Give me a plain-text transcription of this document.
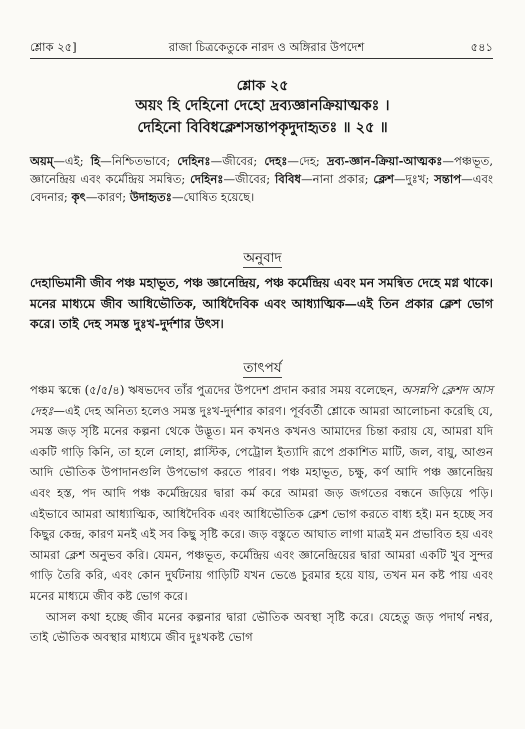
শ্লোক ২৫]	রাজা চিত্রকেতুকে নারদ ও অঙ্গিরার উপদেশ	৫৪১
শ্লোক ২৫
অয়ং হি দেহিনো দেহো দ্রব্যজ্ঞানক্রিয়াত্মকঃ ।
দেহিনো বিবিধক্লেশসন্তাপকৃদুদাহৃতঃ ॥ ২৫ ॥
অয়ম্—এই; হি—নিশ্চিতভাবে; দেহিনঃ—জীবের; দেহঃ—দেহ; দ্রব্য-জ্ঞান-ক্রিয়া-আত্মকঃ—পঞ্চভূত, জ্ঞানেন্দ্রিয় এবং কর্মেন্দ্রিয় সমন্বিত; দেহিনঃ—জীবের; বিবিধ—নানা প্রকার; ক্লেশ—দুঃখ; সন্তাপ—এবং বেদনার; কৃৎ—কারণ; উদাহৃতঃ—ঘোষিত হয়েছে।
অনুবাদ
দেহাভিমানী জীব পঞ্চ মহাভূত, পঞ্চ জ্ঞানেন্দ্রিয়, পঞ্চ কর্মেন্দ্রিয় এবং মন সমন্বিত দেহে মগ্ন থাকে। মনের মাধ্যমে জীব আধিভৌতিক, আধিদৈবিক এবং আধ্যাত্মিক—এই তিন প্রকার ক্লেশ ভোগ করে। তাই দেহ সমস্ত দুঃখ-দুর্দশার উৎস।
তাৎপর্য

পঞ্চম স্কন্ধে (৫/৫/৪) ঋষভদেব তাঁর পুত্রদের উপদেশ প্রদান করার সময় বলেছেন, অসন্নপি ক্লেশদ আস দেহঃ—এই দেহ অনিত্য হলেও সমস্ত দুঃখ-দুর্দশার কারণ। পূর্ববর্তী শ্লোকে আমরা আলোচনা করেছি যে, সমস্ত জড় সৃষ্টি মনের কল্পনা থেকে উদ্ভূত। মন কখনও কখনও আমাদের চিন্তা করায় যে, আমরা যদি একটি গাড়ি কিনি, তা হলে লোহা, প্লাস্টিক, পেট্রোল ইত্যাদি রূপে প্রকাশিত মাটি, জল, বায়ু, আগুন আদি ভৌতিক উপাদানগুলি উপভোগ করতে পারব। পঞ্চ মহাভূত, চক্ষু, কর্ণ আদি পঞ্চ জ্ঞানেন্দ্রিয় এবং হস্ত, পদ আদি পঞ্চ কর্মেন্দ্রিয়ের দ্বারা কর্ম করে আমরা জড় জগতের বন্ধনে জড়িয়ে পড়ি। এইভাবে আমরা আধ্যাত্মিক, আধিদৈবিক এবং আধিভৌতিক ক্লেশ ভোগ করতে বাধ্য হই। মন হচ্ছে সব কিছুর কেন্দ্র, কারণ মনই এই সব কিছু সৃষ্টি করে। জড় বস্তুতে আঘাত লাগা মাত্রই মন প্রভাবিত হয় এবং আমরা ক্লেশ অনুভব করি। যেমন, পঞ্চভূত, কর্মেন্দ্রিয় এবং জ্ঞানেন্দ্রিয়ের দ্বারা আমরা একটি খুব সুন্দর গাড়ি তৈরি করি, এবং কোন দুর্ঘটনায় গাড়িটি যখন ভেঙে চুরমার হয়ে যায়, তখন মন কষ্ট পায় এবং মনের মাধ্যমে জীব কষ্ট ভোগ করে।

আসল কথা হচ্ছে জীব মনের কল্পনার দ্বারা ভৌতিক অবস্থা সৃষ্টি করে। যেহেতু জড় পদার্থ নশ্বর, তাই ভৌতিক অবস্থার মাধ্যমে জীব দুঃখকষ্ট ভোগ
